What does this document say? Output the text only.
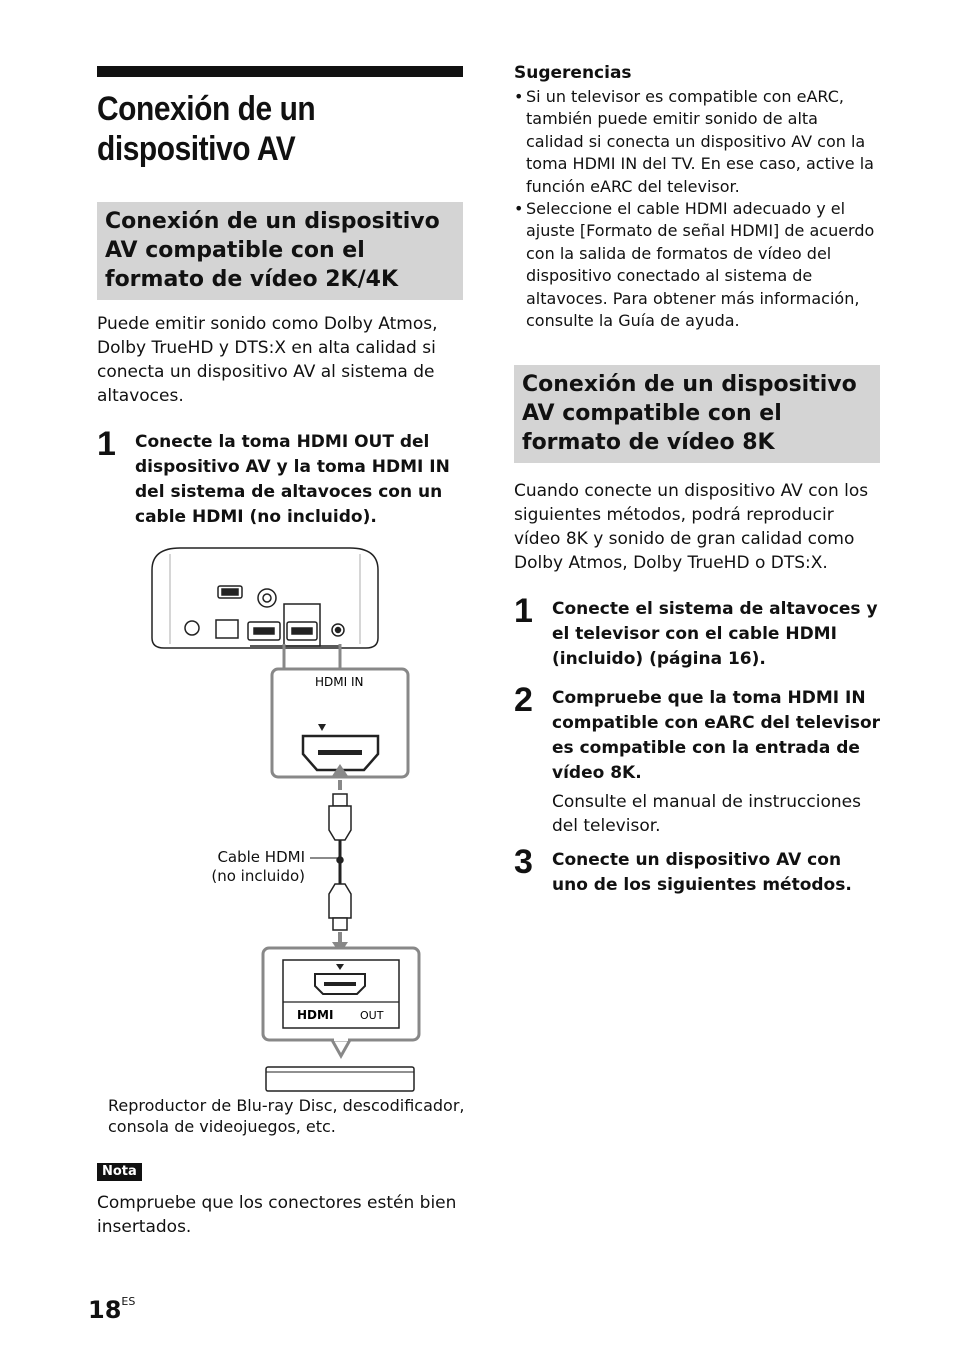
Conexión de un dispositivo AV
Conexión de un dispositivo AV compatible con el formato de vídeo 2K/4K

Puede emitir sonido como Dolby Atmos, Dolby TrueHD y DTS:X en alta calidad si conecta un dispositivo AV al sistema de altavoces.

1 Conecte la toma HDMI OUT del dispositivo AV y la toma HDMI IN del sistema de altavoces con un cable HDMI (no incluido).
HDMI IN
HDMI OUT
Cable HDMI
(no incluido)
Reproductor de Blu-ray Disc, descodificador, consola de videojuegos, etc.
Nota

Compruebe que los conectores estén bien insertados.

$18^{ES}$
Sugerencias
• Si un televisor es compatible con eARC, también puede emitir sonido de alta calidad si conecta un dispositivo AV con la toma HDMI IN del TV. En ese caso, active la función eARC del televisor.
• Seleccione el cable HDMI adecuado y el ajuste [Formato de señal HDMI] de acuerdo con la salida de formatos de vídeo del dispositivo conectado al sistema de altavoces. Para obtener más información, consulte la Guía de ayuda.
Conexión de un dispositivo AV compatible con el formato de vídeo 8K

Cuando conecte un dispositivo AV con los siguientes métodos, podrá reproducir vídeo 8K y sonido de gran calidad como Dolby Atmos, Dolby TrueHD o DTS:X.

1 Conecte el sistema de altavoces y el televisor con el cable HDMI (incluido) (página 16).
2 Compruebe que la toma HDMI IN compatible con eARC del televisor es compatible con la entrada de vídeo 8K.
Consulte el manual de instrucciones del televisor.
3 Conecte un dispositivo AV con uno de los siguientes métodos.
